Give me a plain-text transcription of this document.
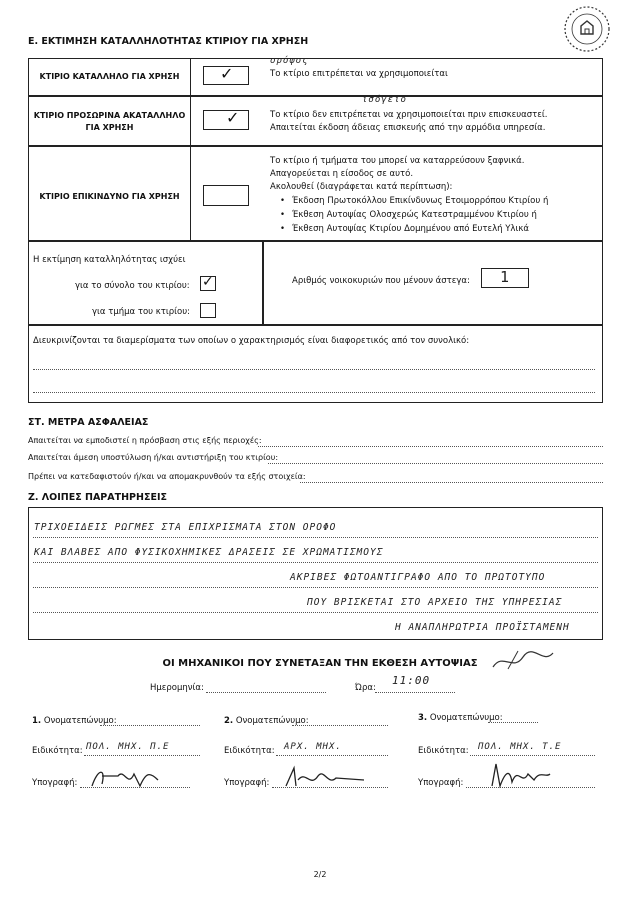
Ε. ΕΚΤΙΜΗΣΗ ΚΑΤΑΛΛΗΛΟΤΗΤΑΣ ΚΤΙΡΙΟΥ ΓΙΑ ΧΡΗΣΗ
ΚΤΙΡΙΟ ΚΑΤΑΛΛΗΛΟ ΓΙΑ ΧΡΗΣΗ	✓
ορόφος
Το κτίριο επιτρέπεται να χρησιμοποιείται
ΚΤΙΡΙΟ ΠΡΟΣΩΡΙΝΑ ΑΚΑΤΑΛΛΗΛΟ
ΓΙΑ ΧΡΗΣΗ
✓
ισόγειο
Το κτίριο δεν επιτρέπεται να χρησιμοποιείται πριν επισκευαστεί.
Απαιτείται έκδοση άδειας επισκευής από την αρμόδια υπηρεσία.
ΚΤΙΡΙΟ ΕΠΙΚΙΝΔΥΝΟ ΓΙΑ ΧΡΗΣΗ
Το κτίριο ή τμήματα του μπορεί να καταρρεύσουν ξαφνικά.
Απαγορεύεται η είσοδος σε αυτό.
Ακολουθεί (διαγράφεται κατά περίπτωση):
• Έκδοση Πρωτοκόλλου Επικίνδυνως Ετοιμορρόπου Κτιρίου ή
• Έκθεση Αυτοψίας Ολοσχερώς Κατεστραμμένου Κτιρίου ή
• Έκθεση Αυτοψίας Κτιρίου Δομημένου από Ευτελή Υλικά
Η εκτίμηση καταλληλότητας ισχύει
για το σύνολο του κτιρίου: ✓
για τμήμα του κτιρίου:
Αριθμός νοικοκυριών που μένουν άστεγα: 1
Διευκρινίζονται τα διαμερίσματα των οποίων ο χαρακτηρισμός είναι διαφορετικός από τον συνολικό:
ΣΤ. ΜΕΤΡΑ ΑΣΦΑΛΕΙΑΣ
Απαιτείται να εμποδιστεί η πρόσβαση στις εξής περιοχές:
Απαιτείται άμεση υποστύλωση ή/και αντιστήριξη του κτιρίου:
Πρέπει να κατεδαφιστούν ή/και να απομακρυνθούν τα εξής στοιχεία:
Ζ. ΛΟΙΠΕΣ ΠΑΡΑΤΗΡΗΣΕΙΣ
ΤΡΙΧΟΕΙΔΕΙΣ ΡΩΓΜΕΣ ΣΤΑ ΕΠΙΧΡΙΣΜΑΤΑ ΣΤΟΝ ΟΡΟΦΟ
ΚΑΙ ΒΛΑΒΕΣ ΑΠΟ ΦΥΣΙΚΟΧΗΜΙΚΕΣ ΔΡΑΣΕΙΣ ΣΕ ΧΡΩΜΑΤΙΣΜΟΥΣ
ΑΚΡΙΒΕΣ ΦΩΤΟΑΝΤΙΓΡΑΦΟ ΑΠΟ ΤΟ ΠΡΩΤΟΤΥΠΟ
ΠΟΥ ΒΡΙΣΚΕΤΑΙ ΣΤΟ ΑΡΧΕΙΟ ΤΗΣ ΥΠΗΡΕΣΙΑΣ
Η ΑΝΑΠΛΗΡΩΤΡΙΑ ΠΡΟΪΣΤΑΜΕΝΗ
ΟΙ ΜΗΧΑΝΙΚΟΙ ΠΟΥ ΣΥΝΕΤΑΞΑΝ ΤΗΝ ΕΚΘΕΣΗ ΑΥΤΟΨΙΑΣ
Ημερομηνία:	Ώρα:
11:00
1. Ονοματεπώνυμο:
Ειδικότητα: ΠΟΛ. ΜΗΧ. Π.Ε
Υπογραφή:
2. Ονοματεπώνυμο:
Ειδικότητα: ΑΡΧ. ΜΗΧ.
Υπογραφή:
3. Ονοματεπώνυμο:
Ειδικότητα: ΠΟΛ. ΜΗΧ. Τ.Ε
Υπογραφή:
2/2
